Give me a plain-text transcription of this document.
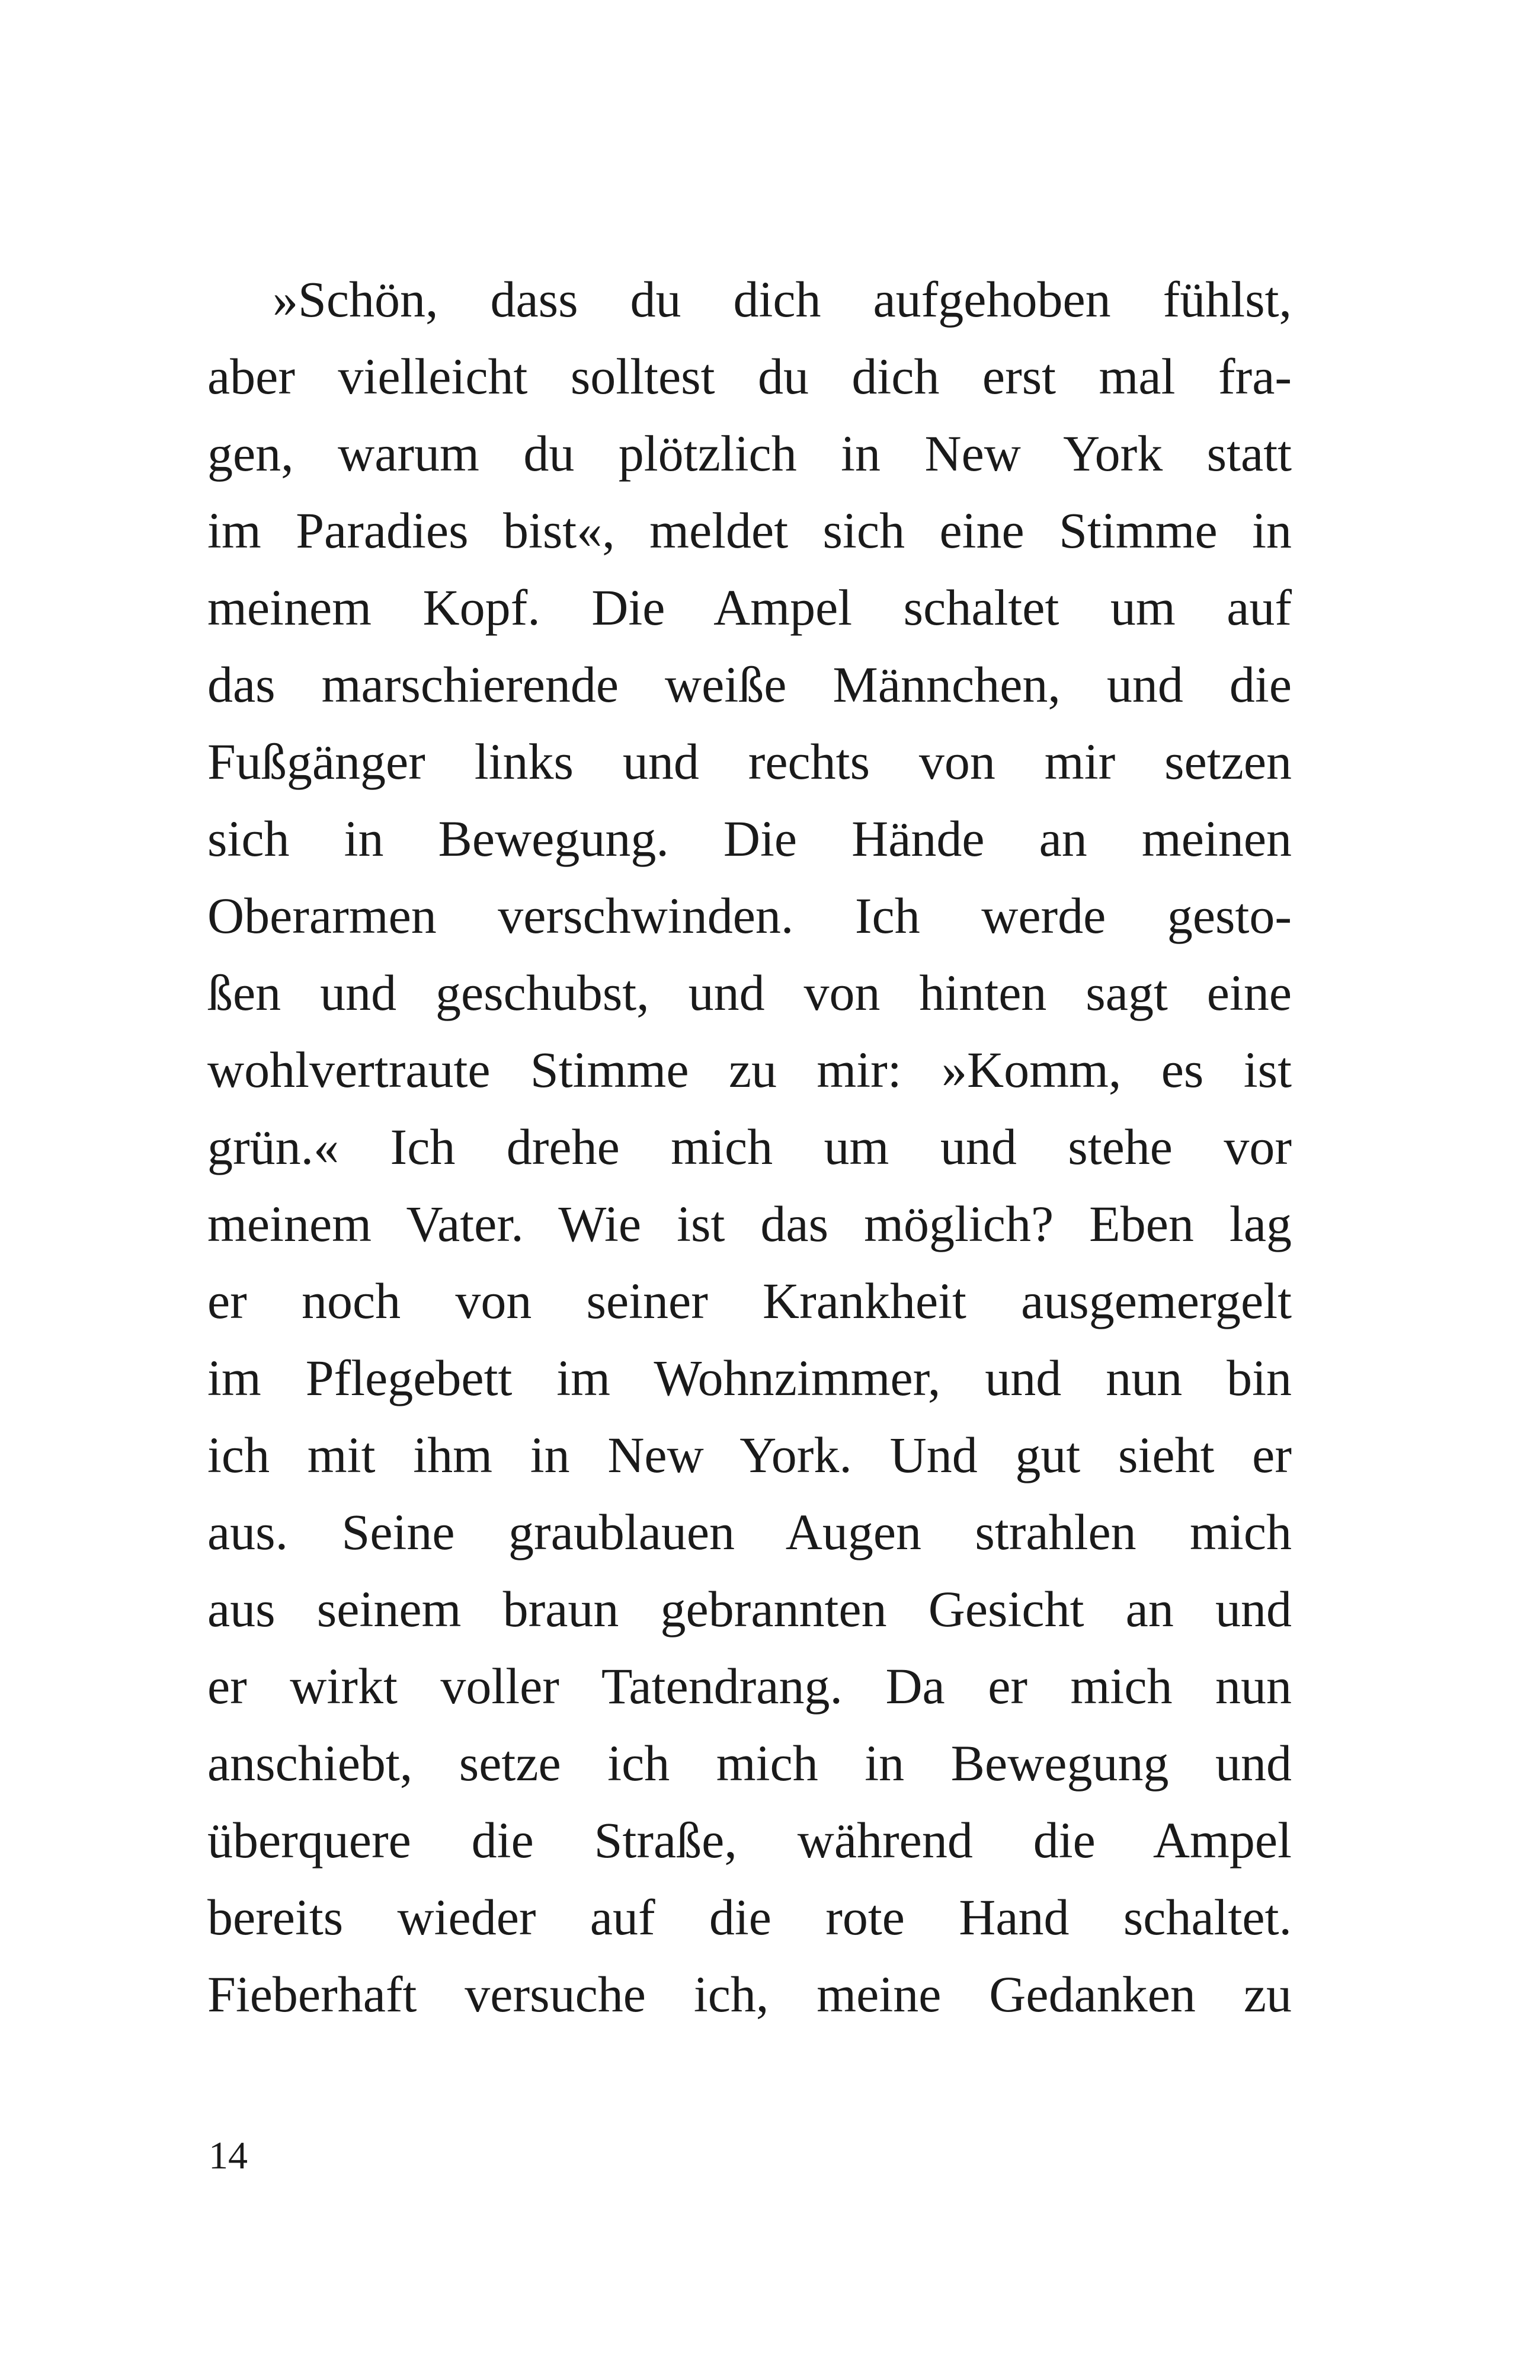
»Schön, dass du dich aufgehoben fühlst,
aber vielleicht solltest du dich erst mal fra-
gen, warum du plötzlich in New York statt
im Paradies bist«, meldet sich eine Stimme in
meinem Kopf. Die Ampel schaltet um auf
das marschierende weiße Männchen, und die
Fußgänger links und rechts von mir setzen
sich in Bewegung. Die Hände an meinen
Oberarmen verschwinden. Ich werde gesto-
ßen und geschubst, und von hinten sagt eine
wohlvertraute Stimme zu mir: »Komm, es ist
grün.« Ich drehe mich um und stehe vor
meinem Vater. Wie ist das möglich? Eben lag
er noch von seiner Krankheit ausgemergelt
im Pflegebett im Wohnzimmer, und nun bin
ich mit ihm in New York. Und gut sieht er
aus. Seine graublauen Augen strahlen mich
aus seinem braun gebrannten Gesicht an und
er wirkt voller Tatendrang. Da er mich nun
anschiebt, setze ich mich in Bewegung und
überquere die Straße, während die Ampel
bereits wieder auf die rote Hand schaltet.
Fieberhaft versuche ich, meine Gedanken zu
14
